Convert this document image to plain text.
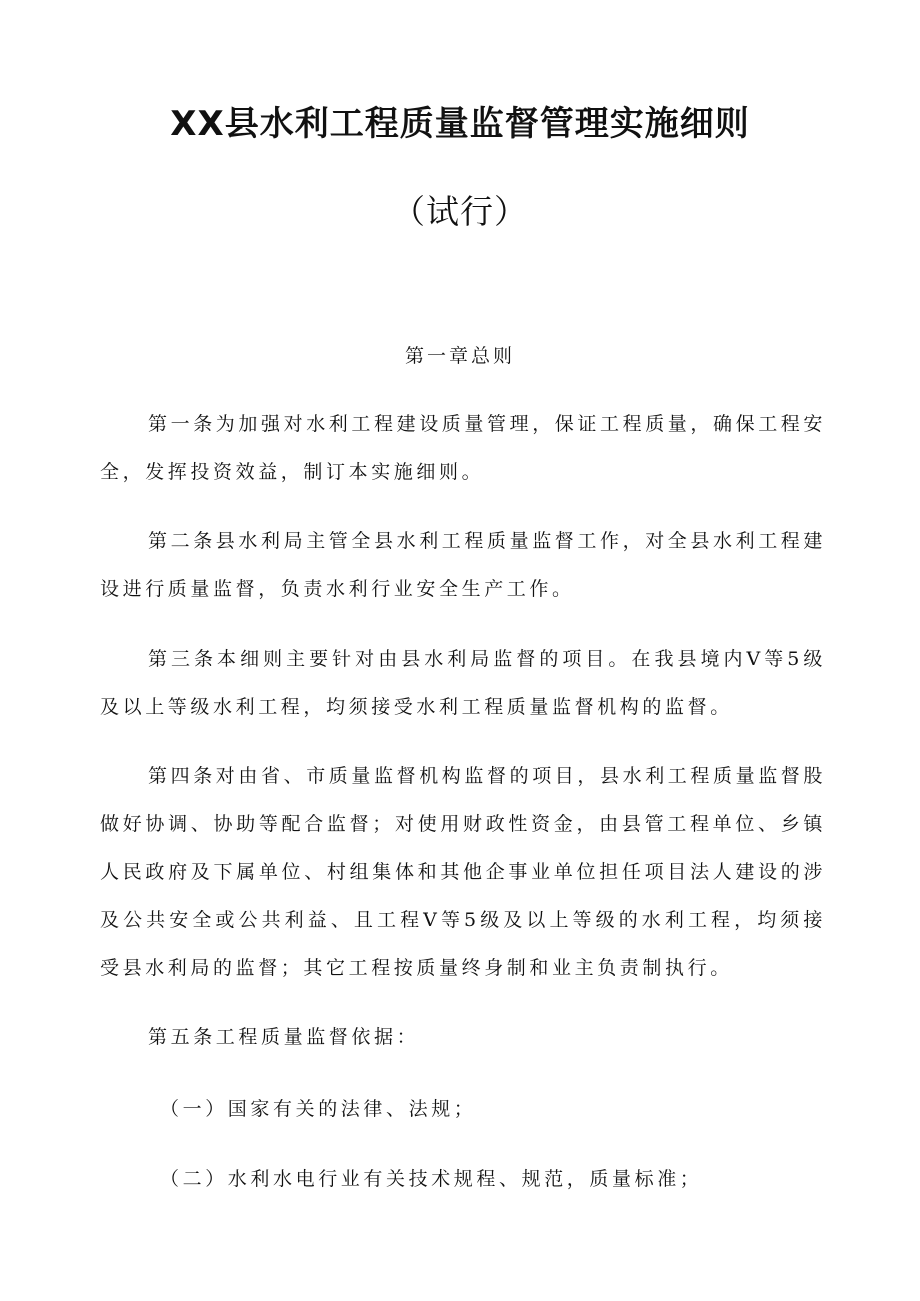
XX县水利工程质量监督管理实施细则
（试行）
第一章总则

第一条为加强对水利工程建设质量管理，保证工程质量，确保工程安全，发挥投资效益，制订本实施细则。

第二条县水利局主管全县水利工程质量监督工作，对全县水利工程建设进行质量监督，负责水利行业安全生产工作。

第三条本细则主要针对由县水利局监督的项目。在我县境内Ⅴ等5级及以上等级水利工程，均须接受水利工程质量监督机构的监督。

第四条对由省、市质量监督机构监督的项目，县水利工程质量监督股做好协调、协助等配合监督；对使用财政性资金，由县管工程单位、乡镇人民政府及下属单位、村组集体和其他企事业单位担任项目法人建设的涉及公共安全或公共利益、且工程Ⅴ等5级及以上等级的水利工程，均须接受县水利局的监督；其它工程按质量终身制和业主负责制执行。

第五条工程质量监督依据：

（一）国家有关的法律、法规；

（二）水利水电行业有关技术规程、规范，质量标准；
